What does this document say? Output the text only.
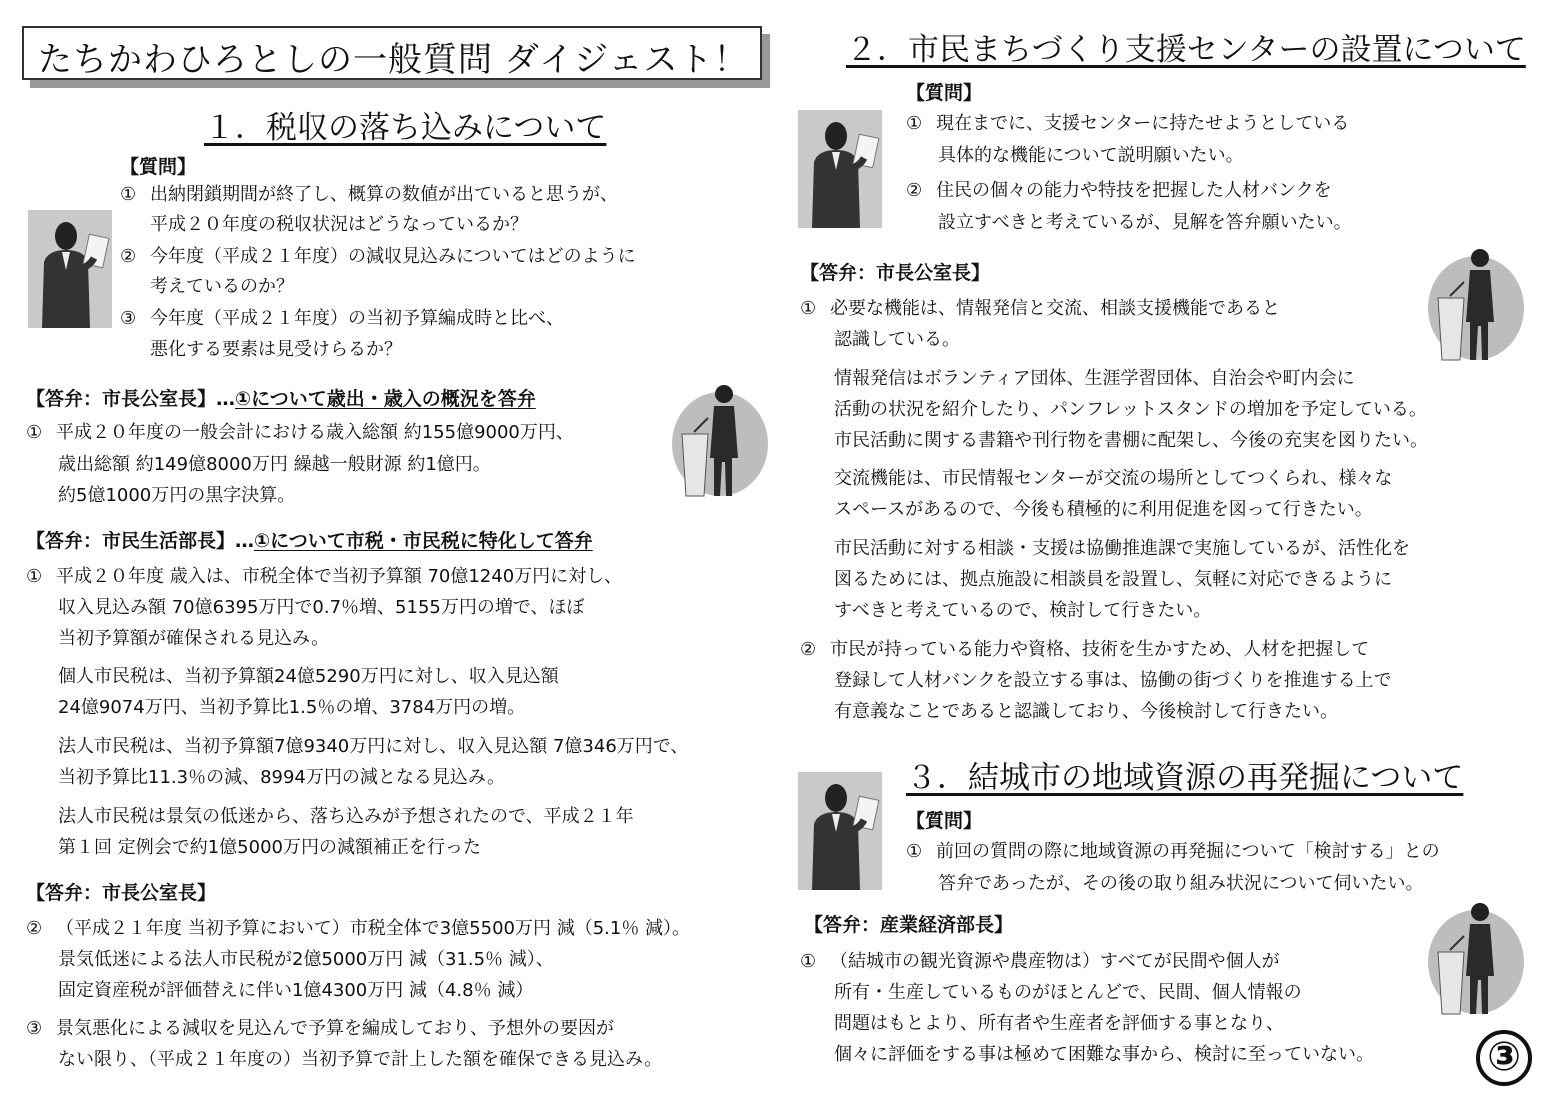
たちかわひろとしの一般質問 ダイジェスト！
１．税収の落ち込みについて
【質問】
① 出納閉鎖期間が終了し、概算の数値が出ていると思うが、
平成２０年度の税収状況はどうなっているか？
② 今年度（平成２１年度）の減収見込みについてはどのように
考えているのか？
③ 今年度（平成２１年度）の当初予算編成時と比べ、
悪化する要素は見受けらるか？
【答弁：市長公室長】…①について歳出・歳入の概況を答弁
① 平成２０年度の一般会計における歳入総額 約155億9000万円、
歳出総額 約149億8000万円 繰越一般財源 約1億円。
約5億1000万円の黒字決算。
【答弁：市民生活部長】…①について市税・市民税に特化して答弁
① 平成２０年度 歳入は、市税全体で当初予算額 70億1240万円に対し、
収入見込み額 70億6395万円で0.7％増、5155万円の増で、ほぼ
当初予算額が確保される見込み。
個人市民税は、当初予算額24億5290万円に対し、収入見込額
24億9074万円、当初予算比1.5％の増、3784万円の増。
法人市民税は、当初予算額7億9340万円に対し、収入見込額 7億346万円で、
当初予算比11.3％の減、8994万円の減となる見込み。
法人市民税は景気の低迷から、落ち込みが予想されたので、平成２１年
第１回 定例会で約1億5000万円の減額補正を行った
【答弁：市長公室長】
② （平成２１年度 当初予算において）市税全体で3億5500万円 減（5.1％ 減）。
景気低迷による法人市民税が2億5000万円 減（31.5％ 減）、
固定資産税が評価替えに伴い1億4300万円 減（4.8％ 減）
③ 景気悪化による減収を見込んで予算を編成しており、予想外の要因が
ない限り、（平成２１年度の）当初予算で計上した額を確保できる見込み。
２．市民まちづくり支援センターの設置について
【質問】
① 現在までに、支援センターに持たせようとしている
具体的な機能について説明願いたい。
② 住民の個々の能力や特技を把握した人材バンクを
設立すべきと考えているが、見解を答弁願いたい。
【答弁：市長公室長】
① 必要な機能は、情報発信と交流、相談支援機能であると
認識している。
情報発信はボランティア団体、生涯学習団体、自治会や町内会に
活動の状況を紹介したり、パンフレットスタンドの増加を予定している。
市民活動に関する書籍や刊行物を書棚に配架し、今後の充実を図りたい。
交流機能は、市民情報センターが交流の場所としてつくられ、様々な
スペースがあるので、今後も積極的に利用促進を図って行きたい。
市民活動に対する相談・支援は協働推進課で実施しているが、活性化を
図るためには、拠点施設に相談員を設置し、気軽に対応できるように
すべきと考えているので、検討して行きたい。
② 市民が持っている能力や資格、技術を生かすため、人材を把握して
登録して人材バンクを設立する事は、協働の街づくりを推進する上で
有意義なことであると認識しており、今後検討して行きたい。
３．結城市の地域資源の再発掘について
【質問】
① 前回の質問の際に地域資源の再発掘について「検討する」との
答弁であったが、その後の取り組み状況について伺いたい。
【答弁：産業経済部長】
① （結城市の観光資源や農産物は）すべてが民間や個人が
所有・生産しているものがほとんどで、民間、個人情報の
問題はもとより、所有者や生産者を評価する事となり、
個々に評価をする事は極めて困難な事から、検討に至っていない。	③
